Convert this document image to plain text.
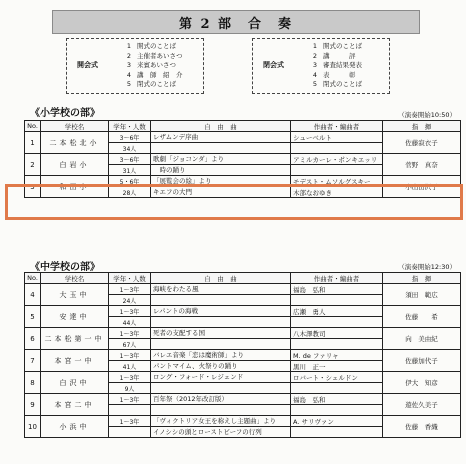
第 2 部　合　奏
開会式
1 開式のことば
2 主催者あいさつ
3 来賓あいさつ
4 講　師　紹　介
5 閉式のことば
閉会式
1 開式のことば
2 講　　　評
3 審査結果発表
4 表　　　彰
5 閉式のことば
《小学校の部》	（演奏開始10:50）
No.	学校名	学年・人数	自　由　曲	作曲者・編曲者	指　揮
1	二本松北小	3～6年	レザムンデ序曲	シューベルト	佐藤寂衣子
		34人			
2	白岩小	3～6年	歌劇「ジョコンダ」より	アミルカーレ・ポンキエッリ	菅野　真奈
		31人	　時の踊り		
3	和田小	5・6年	「展覧会の絵」より	モデスト・ムソルグスキー	小山田沢子
		28人	キエフの大門	木部なおゆき	
《中学校の部》	（演奏開始12:30）
No.	学校名	学年・人数	自　由　曲	作曲者・編曲者	指　揮
4	大玉中	1～3年	海峡をわたる風	福島　弘和	須田　範広
		24人			
5	安達中	1～3年	レパントの海戦	広瀬　勇人	佐藤　　希
		44人			
6	二本松第一中	1～3年	死者の支配する国	八木澤教司	向　美由紀
		67人			
7	本宮一中	1～3年	バレエ音楽「恋は魔術師」より	M. de ファリャ	佐藤加代子
		41人	パントマイム、火祭りの踊り	黒川　正一	
8	白沢中	1～3年	ロング・フォード・レジェンド	ロバート・シェルドン	伊大　知彦
		9人			
9	本宮二中	1～3年	百年祭（2012年改訂版）	福島　弘和	遊佐久美子

10	小浜中	1～3年	「ヴィクトリア女王を称えし主題曲」より	A. サリヴァン	佐藤　香織
			イノシシの頭とローストビーフの行列		
